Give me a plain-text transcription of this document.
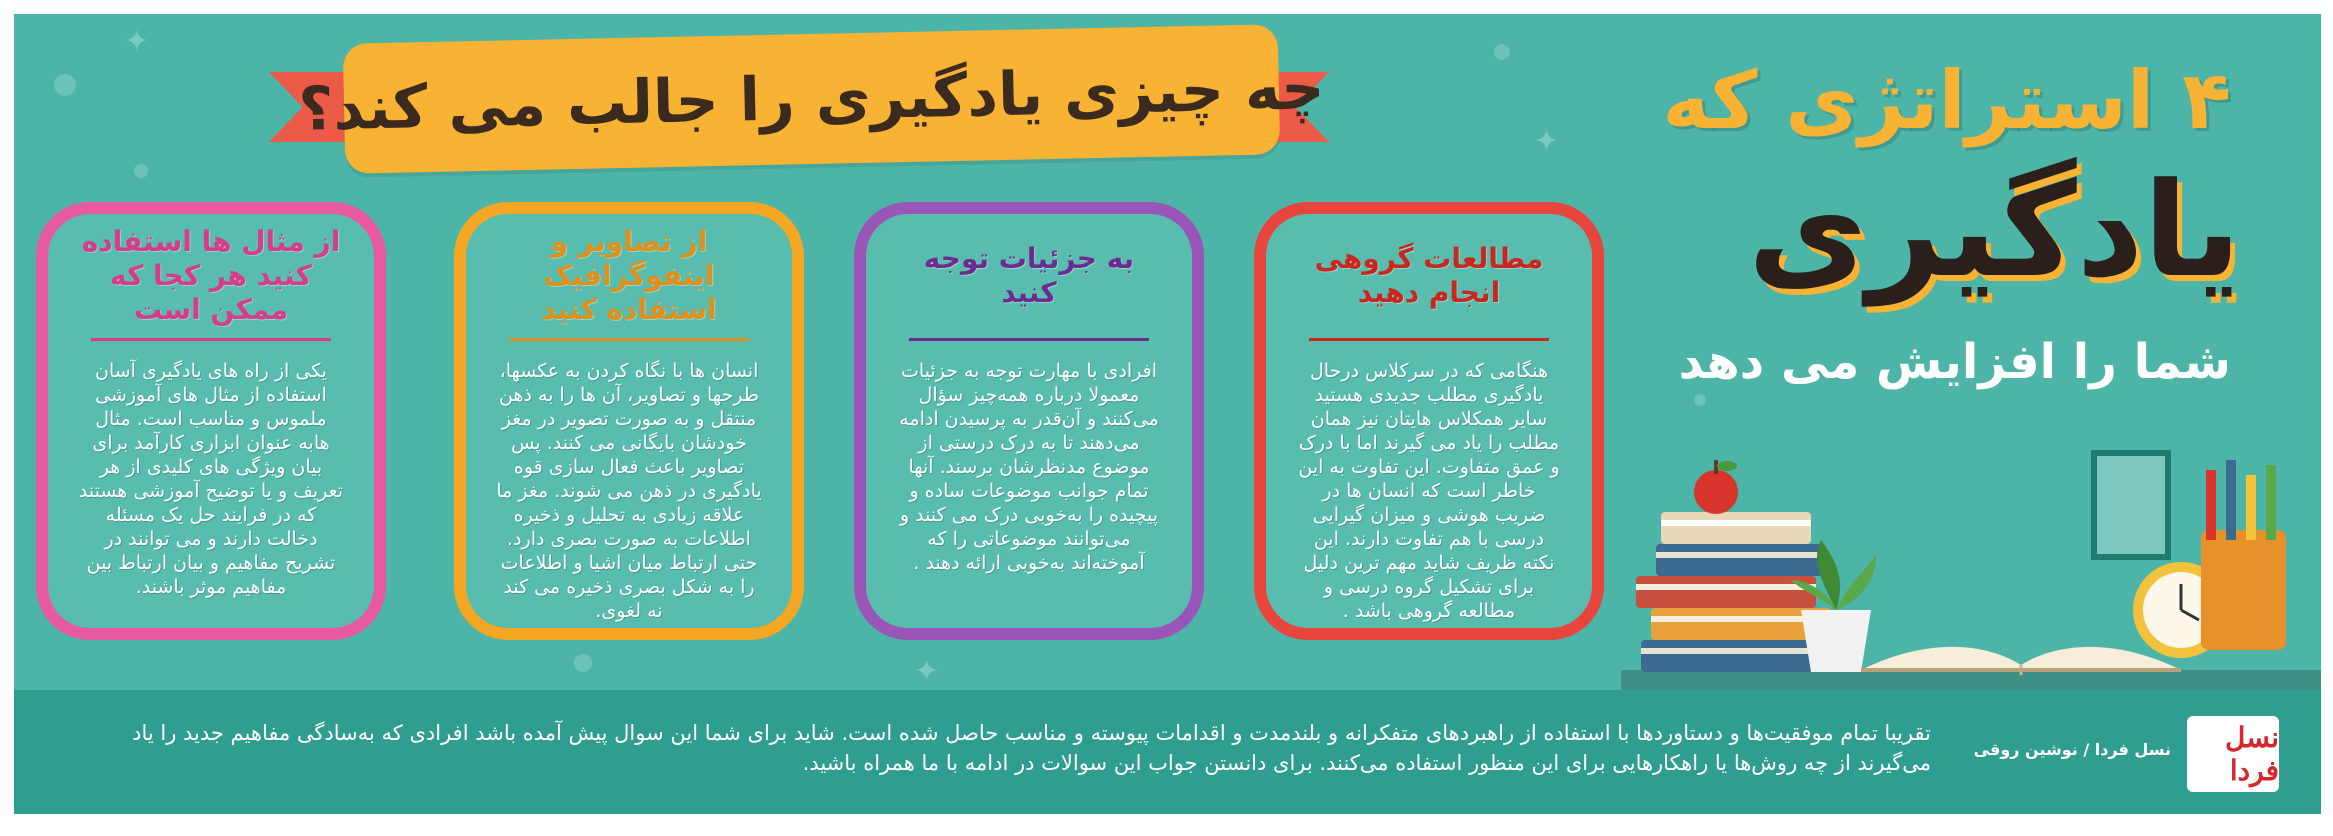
✦
✦
✦
چه چیزی یادگیری را جالب می کند؟

از مثال ها استفاده کنید هر کجا که ممکن است

یکی از راه های یادگیری آسان استفاده از مثال های آموزشی ملموس و مناسب است. مثال هابه عنوان ابزاری کارآمد برای بیان ویژگی های کلیدی از هر تعریف و یا توضیح آموزشی هستند که در فرایند حل یک مسئله دخالت دارند و می توانند در تشریح مفاهیم و بیان ارتباط بین مفاهیم موثر باشند.

از تصاویر و اینفوگرافیک استفاده کنید

انسان ها با نگاه کردن به عکسها، طرحها و تصاویر، آن ها را به ذهن منتقل و به صورت تصویر در مغز خودشان بایگانی می کنند. پس تصاویر باعث فعال سازی قوه یادگیری در ذهن می شوند. مغز ما علاقه زیادی به تحلیل و ذخیره اطلاعات به صورت بصری دارد. حتی ارتباط میان اشیا و اطلاعات را به شکل بصری ذخیره می کند نه لغوی.

به جزئیات توجه کنید

افرادی با مهارت توجه به جزئیات معمولا درباره همه‌چیز سؤال می‌کنند و آن‌قدر به پرسیدن ادامه می‌دهند تا به درک درستی از موضوع مدنظرشان برسند. آنها تمام جوانب موضوعات ساده و پیچیده را به‌خوبی درک می کنند و می‌توانند موضوعاتی را که آموخته‌اند به‌خوبی ارائه دهند .

مطالعات گروهی انجام دهید

هنگامی که در سرکلاس درحال یادگیری مطلب جدیدی هستید سایر همکلاس هایتان نیز همان مطلب را یاد می گیرند اما با درک و عمق متفاوت. این تفاوت به این خاطر است که انسان ها در ضریب هوشی و میزان گیرایی درسی با هم تفاوت دارند. این نکته ظریف شاید مهم ترین دلیل برای تشکیل گروه درسی و مطالعه گروهی باشد .

۴ استراتژی که
یادگیری
شما را افزایش می دهد

تقریبا تمام موفقیت‌ها و دستاوردها با استفاده از راهبردهای متفکرانه و بلندمدت و اقدامات پیوسته و مناسب حاصل شده است. شاید برای شما این سوال پیش آمده باشد افرادی که به‌سادگی مفاهیم جدید را یاد می‌گیرند از چه روش‌ها یا راهکارهایی برای این منظور استفاده می‌کنند. برای دانستن جواب این سوالات در ادامه با ما همراه باشید.

نسل فردا / نوشین روقی	نسل فردا
